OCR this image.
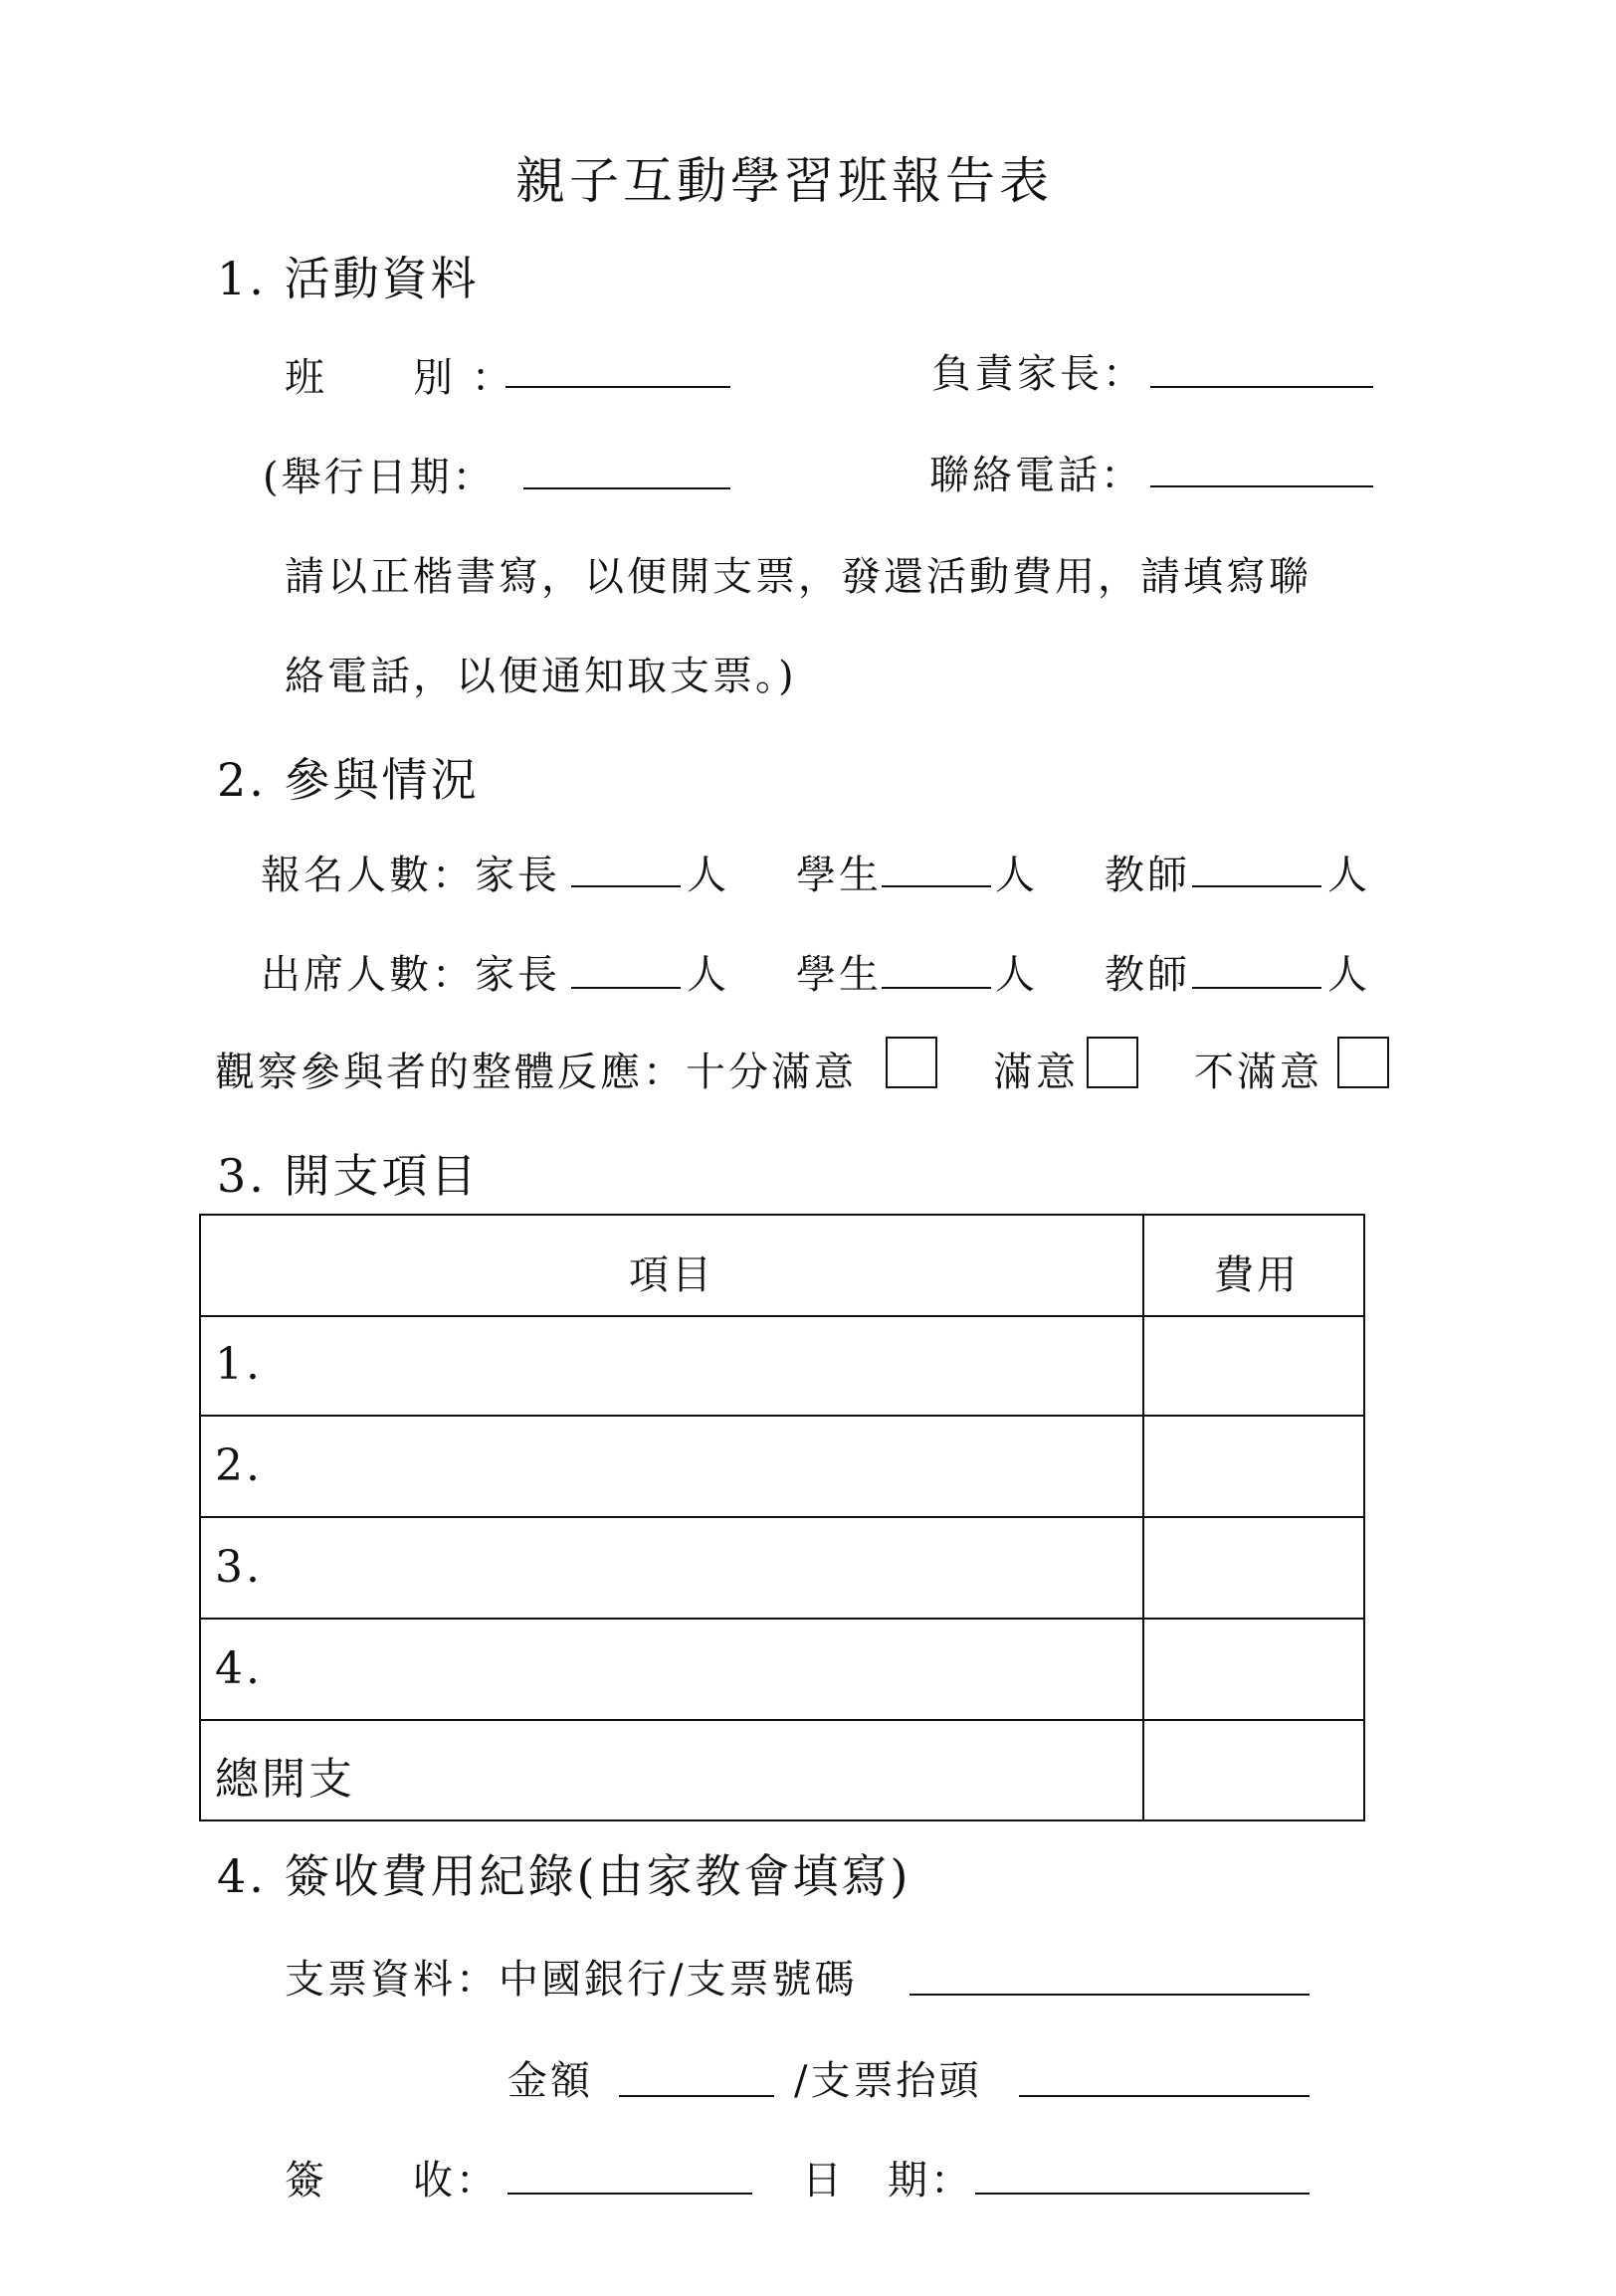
親子互動學習班報告表
1. 活動資料
班　　別 ：	負責家長：
(舉行日期：	聯絡電話：
請以正楷書寫，以便開支票，發還活動費用，請填寫聯
絡電話，以便通知取支票。)
2. 參與情況
報名人數：家長	人 學生	人 教師	人
出席人數：家長	人 學生	人 教師	人
觀察參與者的整體反應：十分滿意	滿意	不滿意
3. 開支項目
項目	費用
1.
2.
3.
4.
總開支
4. 簽收費用紀錄(由家教會填寫)
支票資料：中國銀行/支票號碼
金額	/支票抬頭
簽　　收：	日　期：
